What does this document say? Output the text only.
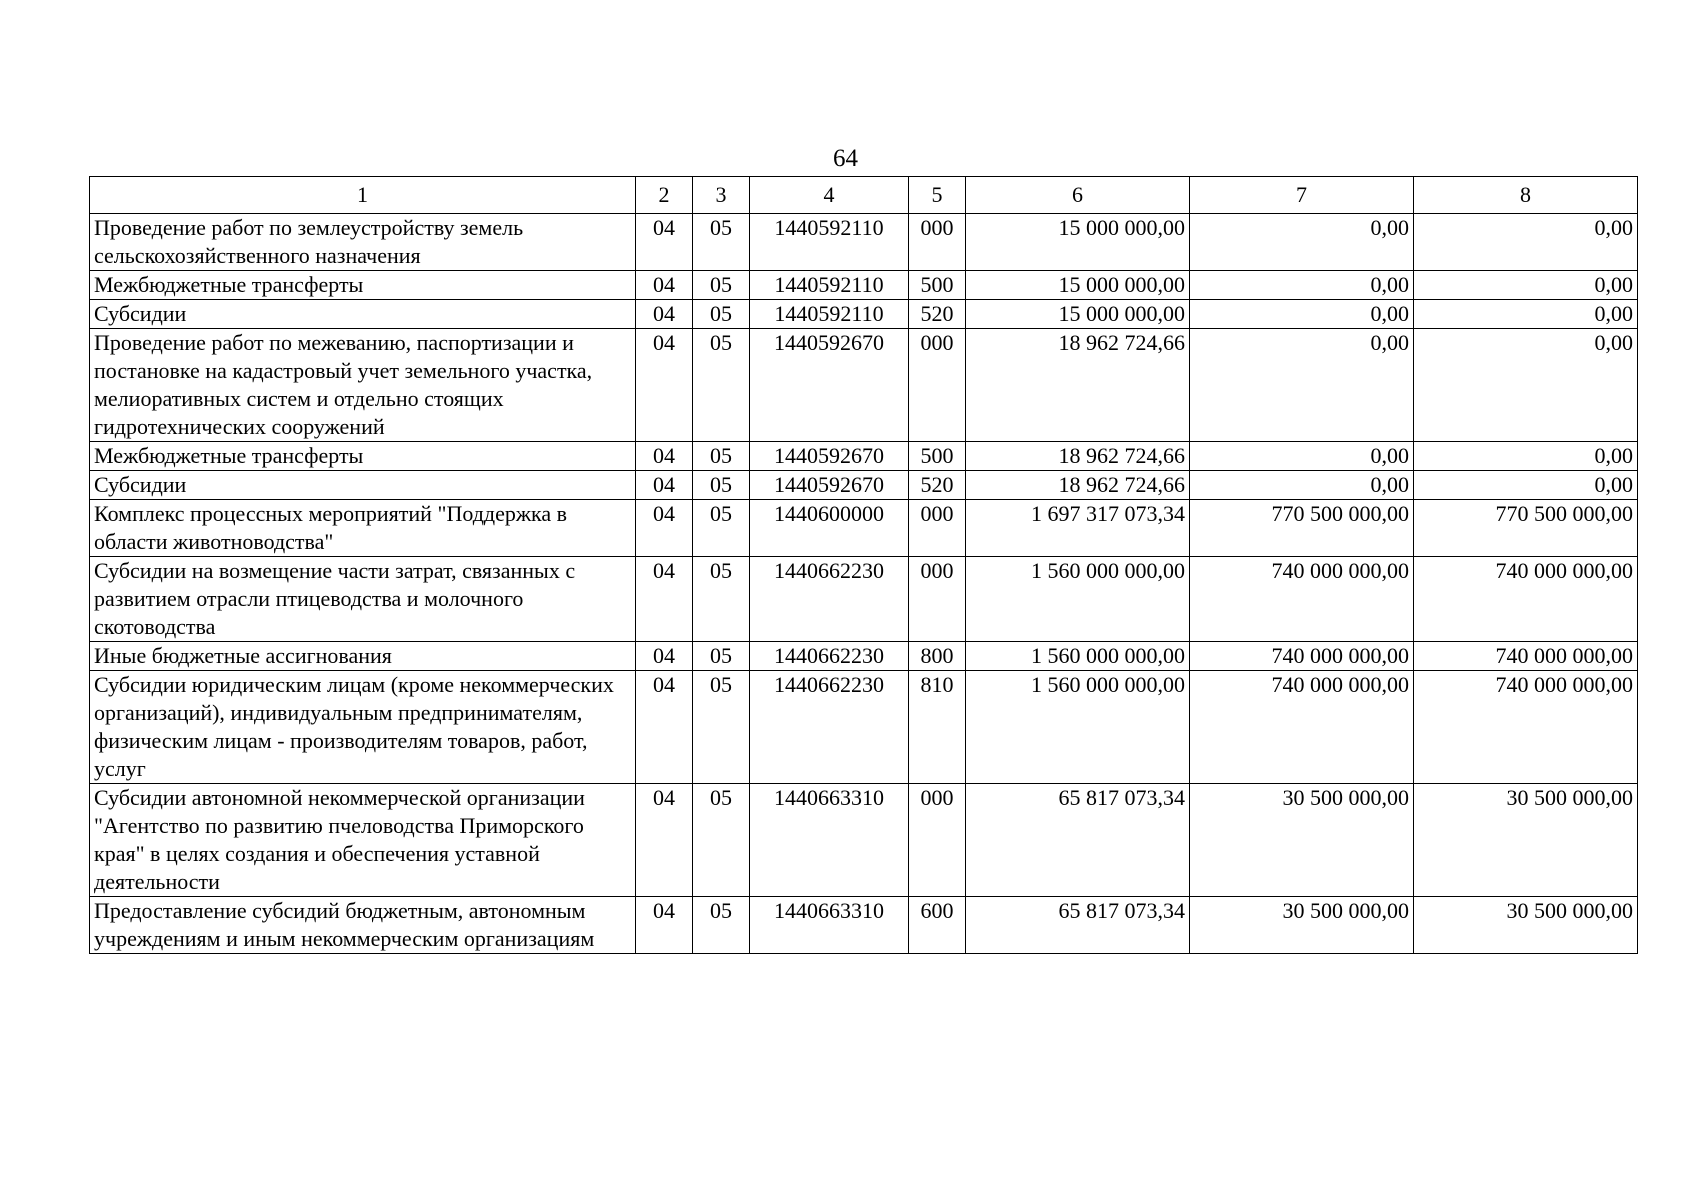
64
1	2	3	4	5	6	7	8
Проведение работ по землеустройству земель сельскохозяйственного назначения	04	05	1440592110	000	15 000 000,00	0,00	0,00
Межбюджетные трансферты	04	05	1440592110	500	15 000 000,00	0,00	0,00
Субсидии	04	05	1440592110	520	15 000 000,00	0,00	0,00
Проведение работ по межеванию, паспортизации и постановке на кадастровый учет земельного участка, мелиоративных систем и отдельно стоящих гидротехнических сооружений	04	05	1440592670	000	18 962 724,66	0,00	0,00
Межбюджетные трансферты	04	05	1440592670	500	18 962 724,66	0,00	0,00
Субсидии	04	05	1440592670	520	18 962 724,66	0,00	0,00
Комплекс процессных мероприятий "Поддержка в области животноводства"	04	05	1440600000	000	1 697 317 073,34	770 500 000,00	770 500 000,00
Субсидии на возмещение части затрат, связанных с развитием отрасли птицеводства и молочного скотоводства	04	05	1440662230	000	1 560 000 000,00	740 000 000,00	740 000 000,00
Иные бюджетные ассигнования	04	05	1440662230	800	1 560 000 000,00	740 000 000,00	740 000 000,00
Субсидии юридическим лицам (кроме некоммерческих организаций), индивидуальным предпринимателям, физическим лицам - производителям товаров, работ, услуг	04	05	1440662230	810	1 560 000 000,00	740 000 000,00	740 000 000,00
Субсидии автономной некоммерческой организации "Агентство по развитию пчеловодства Приморского края" в целях создания и обеспечения уставной деятельности	04	05	1440663310	000	65 817 073,34	30 500 000,00	30 500 000,00
Предоставление субсидий бюджетным, автономным учреждениям и иным некоммерческим организациям	04	05	1440663310	600	65 817 073,34	30 500 000,00	30 500 000,00
